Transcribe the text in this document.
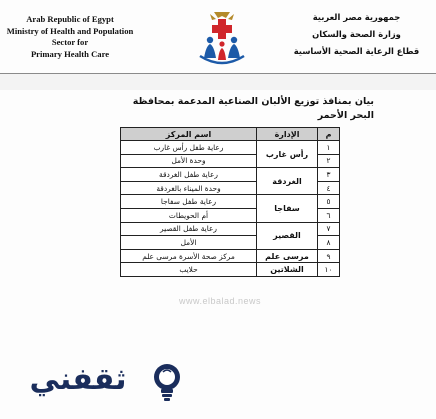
Arab Republic of Egypt
Ministry of Health and Population
Sector for
Primary Health Care
جمهورية مصر العربية
وزارة الصحة والسكان
قطاع الرعاية الصحية الأساسية
بيان بمنافذ توزيع الألبان الصناعية المدعمة بمحافظة البحر الأحمر
م	الإدارة	اسم المركز
١	رأس غارب	رعاية طفل رأس غارب
٢		وحدة الأمل
٣	الغردقة	رعاية طفل الغردقة
٤		وحدة الميناء بالغردقة
٥	سفاجا	رعاية طفل سفاجا
٦		أم الحويطات
٧	القصير	رعاية طفل القصير
٨		الأمل
٩	مرسى علم	مركز صحة الأسرة مرسى علم
١٠	الشلاتين	حلايب
www.elbalad.news
ثقفني
